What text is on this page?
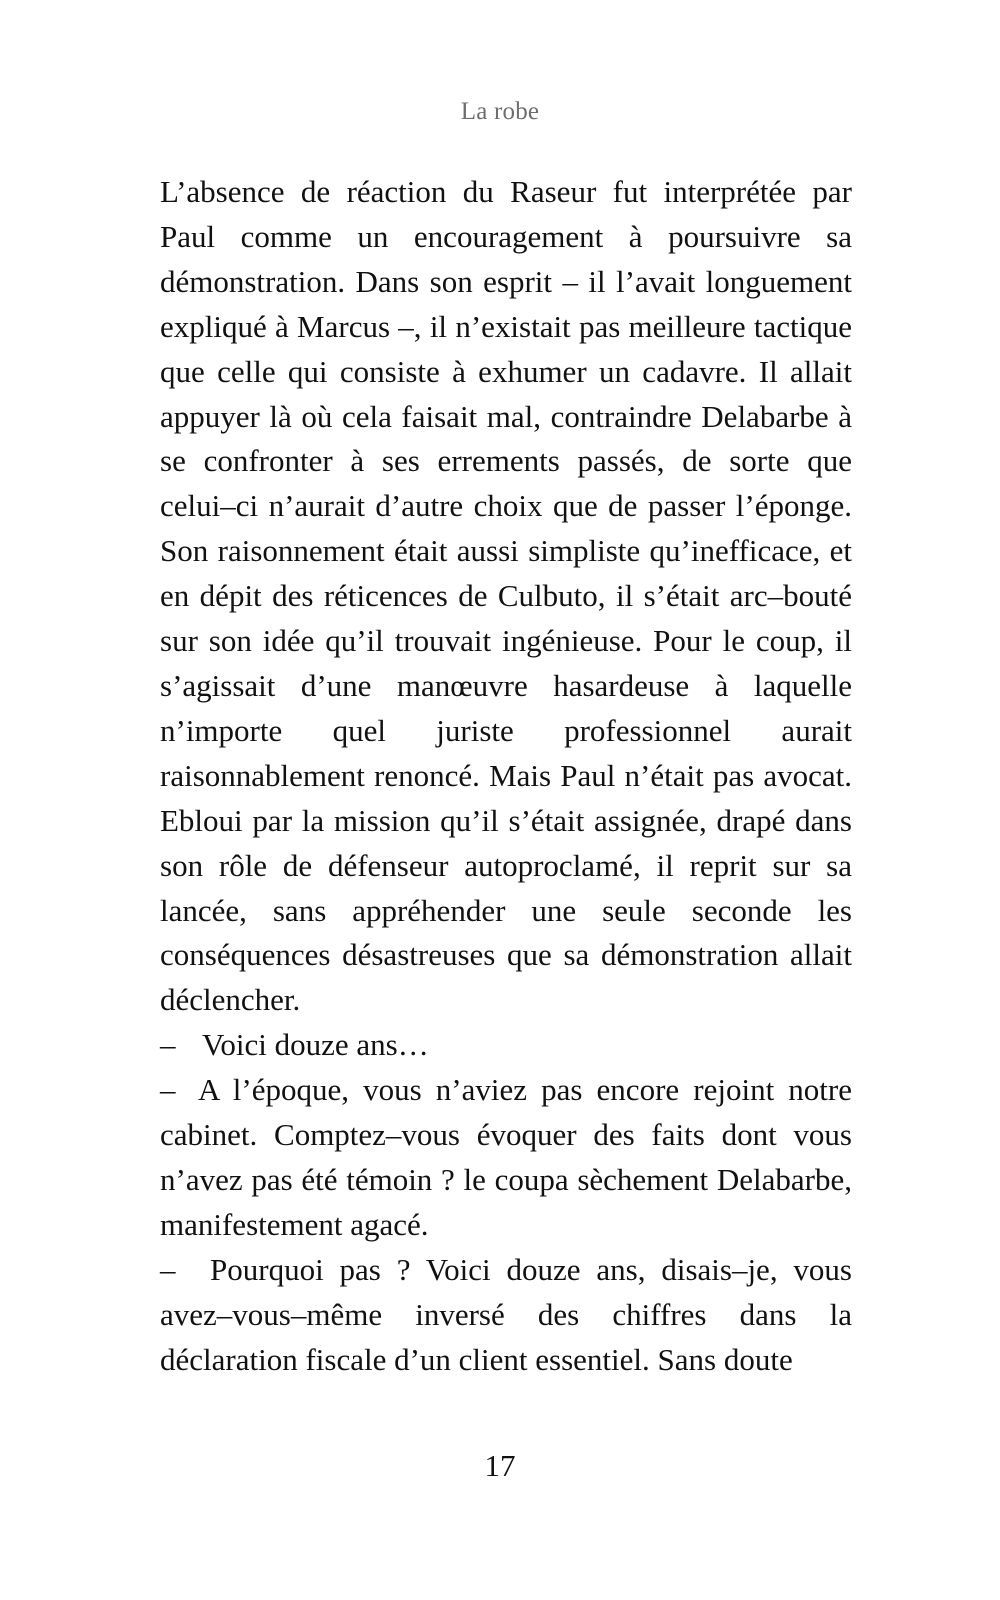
La robe

L’absence de réaction du Raseur fut interprétée par Paul comme un encouragement à poursuivre sa démonstration. Dans son esprit – il l’avait longuement expliqué à Marcus –, il n’existait pas meilleure tactique que celle qui consiste à exhumer un cadavre. Il allait appuyer là où cela faisait mal, contraindre Delabarbe à se confronter à ses errements passés, de sorte que celui–ci n’aurait d’autre choix que de passer l’éponge. Son raisonnement était aussi simpliste qu’inefficace, et en dépit des réticences de Culbuto, il s’était arc–bouté sur son idée qu’il trouvait ingénieuse. Pour le coup, il s’agissait d’une manœuvre hasardeuse à laquelle n’importe quel juriste professionnel aurait raisonnablement renoncé. Mais Paul n’était pas avocat. Ebloui par la mission qu’il s’était assignée, drapé dans son rôle de défenseur autoproclamé, il reprit sur sa lancée, sans appréhender une seule seconde les conséquences désastreuses que sa démonstration allait déclencher.

– Voici douze ans…

– A l’époque, vous n’aviez pas encore rejoint notre cabinet. Comptez–vous évoquer des faits dont vous n’avez pas été témoin ? le coupa sèchement Delabarbe, manifestement agacé.

– Pourquoi pas ? Voici douze ans, disais–je, vous avez–vous–même inversé des chiffres dans la déclaration fiscale d’un client essentiel. Sans doute

17
